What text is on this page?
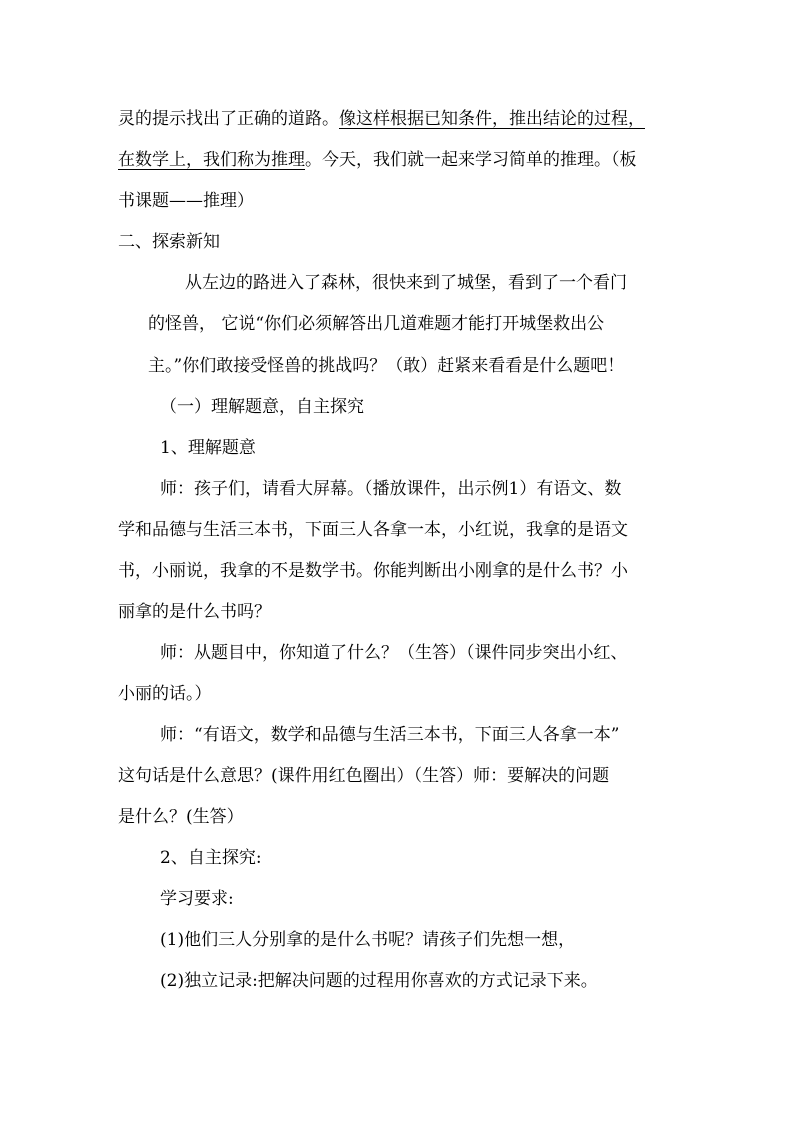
灵的提示找出了正确的道路。像这样根据已知条件，推出结论的过程，
在数学上，我们称为推理。今天，我们就一起来学习简单的推理。（板
书课题——推理）
二、探索新知
从左边的路进入了森林，很快来到了城堡，看到了一个看门
的怪兽， 它说“你们必须解答出几道难题才能打开城堡救出公
主。”你们敢接受怪兽的挑战吗？（敢）赶紧来看看是什么题吧！
（一）理解题意，自主探究
1、理解题意
师：孩子们，请看大屏幕。（播放课件，出示例1）有语文、数
学和品德与生活三本书，下面三人各拿一本，小红说，我拿的是语文
书，小丽说，我拿的不是数学书。你能判断出小刚拿的是什么书？小
丽拿的是什么书吗？
师：从题目中，你知道了什么？（生答）（课件同步突出小红、
小丽的话。）
师：“有语文，数学和品德与生活三本书，下面三人各拿一本”
这句话是什么意思？(课件用红色圈出）（生答）师：要解决的问题
是什么？(生答）
2、自主探究:
学习要求:
(1)他们三人分别拿的是什么书呢？请孩子们先想一想，
(2)独立记录:把解决问题的过程用你喜欢的方式记录下来。
